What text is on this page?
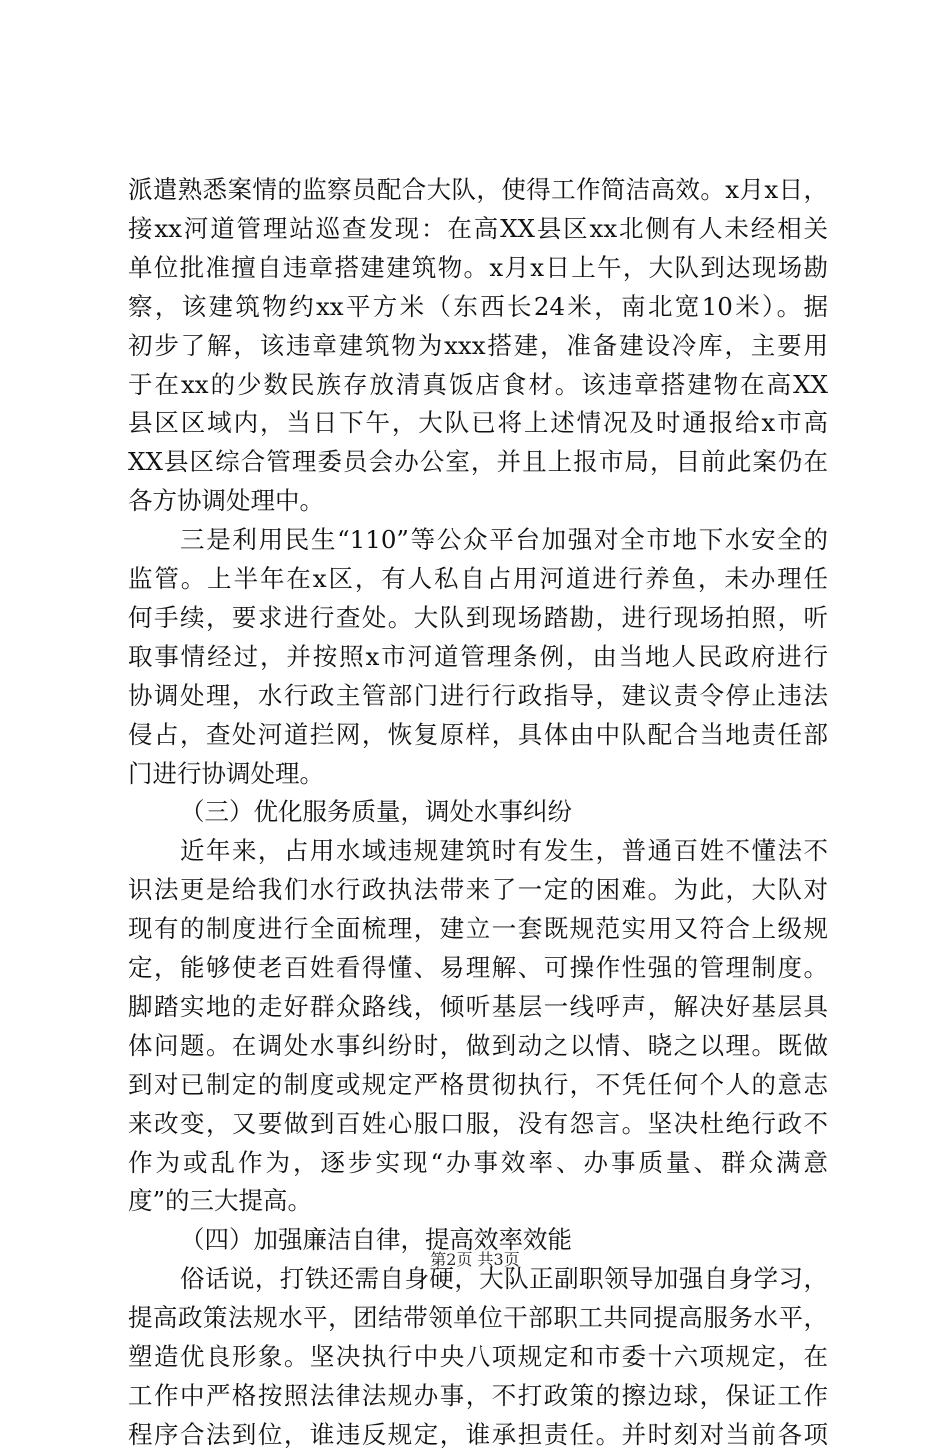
派遣熟悉案情的监察员配合大队，使得工作简洁高效。x月x日，
接xx河道管理站巡查发现：在高XX县区xx北侧有人未经相关
单位批准擅自违章搭建建筑物。x月x日上午，大队到达现场勘
察，该建筑物约xx平方米（东西长24米，南北宽10米）。据
初步了解，该违章建筑物为xxx搭建，准备建设冷库，主要用
于在xx的少数民族存放清真饭店食材。该违章搭建物在高XX
县区区域内，当日下午，大队已将上述情况及时通报给x市高
XX县区综合管理委员会办公室，并且上报市局，目前此案仍在
各方协调处理中。
三是利用民生“110”等公众平台加强对全市地下水安全的
监管。上半年在x区，有人私自占用河道进行养鱼，未办理任
何手续，要求进行查处。大队到现场踏勘，进行现场拍照，听
取事情经过，并按照x市河道管理条例，由当地人民政府进行
协调处理，水行政主管部门进行行政指导，建议责令停止违法
侵占，查处河道拦网，恢复原样，具体由中队配合当地责任部
门进行协调处理。
（三）优化服务质量，调处水事纠纷
近年来，占用水域违规建筑时有发生，普通百姓不懂法不
识法更是给我们水行政执法带来了一定的困难。为此，大队对
现有的制度进行全面梳理，建立一套既规范实用又符合上级规
定，能够使老百姓看得懂、易理解、可操作性强的管理制度。
脚踏实地的走好群众路线，倾听基层一线呼声，解决好基层具
体问题。在调处水事纠纷时，做到动之以情、晓之以理。既做
到对已制定的制度或规定严格贯彻执行，不凭任何个人的意志
来改变，又要做到百姓心服口服，没有怨言。坚决杜绝行政不
作为或乱作为，逐步实现“办事效率、办事质量、群众满意
度”的三大提高。
（四）加强廉洁自律，提高效率效能
俗话说，打铁还需自身硬，大队正副职领导加强自身学习，
提高政策法规水平，团结带领单位干部职工共同提高服务水平，
塑造优良形象。坚决执行中央八项规定和市委十六项规定，在
工作中严格按照法律法规办事，不打政策的擦边球，保证工作
程序合法到位，谁违反规定，谁承担责任。并时刻对当前各项
第2页 共3页
